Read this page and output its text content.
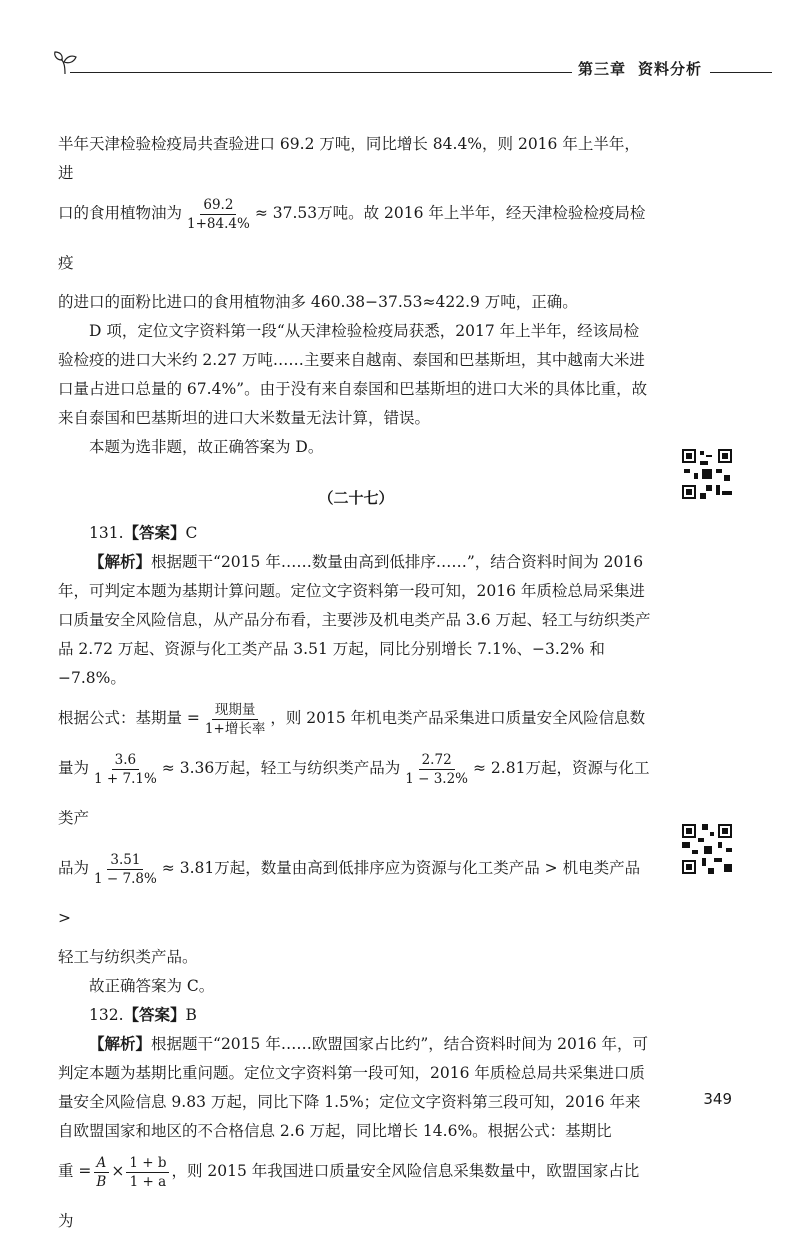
第三章 资料分析

半年天津检验检疫局共查验进口 69.2 万吨，同比增长 84.4%，则 2016 年上半年，进

口的食用植物油为 $\frac{69.2}{1+84.4\%} \approx 37.53$万吨。故 2016 年上半年，经天津检验检疫局检疫

的进口的面粉比进口的食用植物油多 460.38−37.53≈422.9 万吨，正确。

D 项，定位文字资料第一段“从天津检验检疫局获悉，2017 年上半年，经该局检验检疫的进口大米约 2.27 万吨……主要来自越南、泰国和巴基斯坦，其中越南大米进口量占进口总量的 67.4%”。由于没有来自泰国和巴基斯坦的进口大米的具体比重，故来自泰国和巴基斯坦的进口大米数量无法计算，错误。

本题为选非题，故正确答案为 D。

（二十七）

131.【答案】C

【解析】根据题干“2015 年……数量由高到低排序……”，结合资料时间为 2016 年，可判定本题为基期计算问题。定位文字资料第一段可知，2016 年质检总局采集进口质量安全风险信息，从产品分布看，主要涉及机电类产品 3.6 万起、轻工与纺织类产品 2.72 万起、资源与化工类产品 3.51 万起，同比分别增长 7.1%、−3.2% 和 −7.8%。

根据公式：基期量 = $\frac{\text{现期量}}{\text{1+增长率}}$ ，则 2015 年机电类产品采集进口质量安全风险信息数

量为 $\frac{3.6}{1 + 7.1\%} \approx 3.36$万起，轻工与纺织类产品为 $\frac{2.72}{1 - 3.2\%} \approx 2.81$万起，资源与化工类产

品为 $\frac{3.51}{1 - 7.8\%} \approx 3.81$万起，数量由高到低排序应为资源与化工类产品 > 机电类产品 >

轻工与纺织类产品。

故正确答案为 C。

132.【答案】B

【解析】根据题干“2015 年……欧盟国家占比约”，结合资料时间为 2016 年，可判定本题为基期比重问题。定位文字资料第一段可知，2016 年质检总局共采集进口质量安全风险信息 9.83 万起，同比下降 1.5%；定位文字资料第三段可知，2016 年来自欧盟国家和地区的不合格信息 2.6 万起，同比增长 14.6%。根据公式：基期比

重 = $\frac{A}{B} \times \frac{1 + b}{1 + a}$ ，则 2015 年我国进口质量安全风险信息采集数量中，欧盟国家占比为

349
